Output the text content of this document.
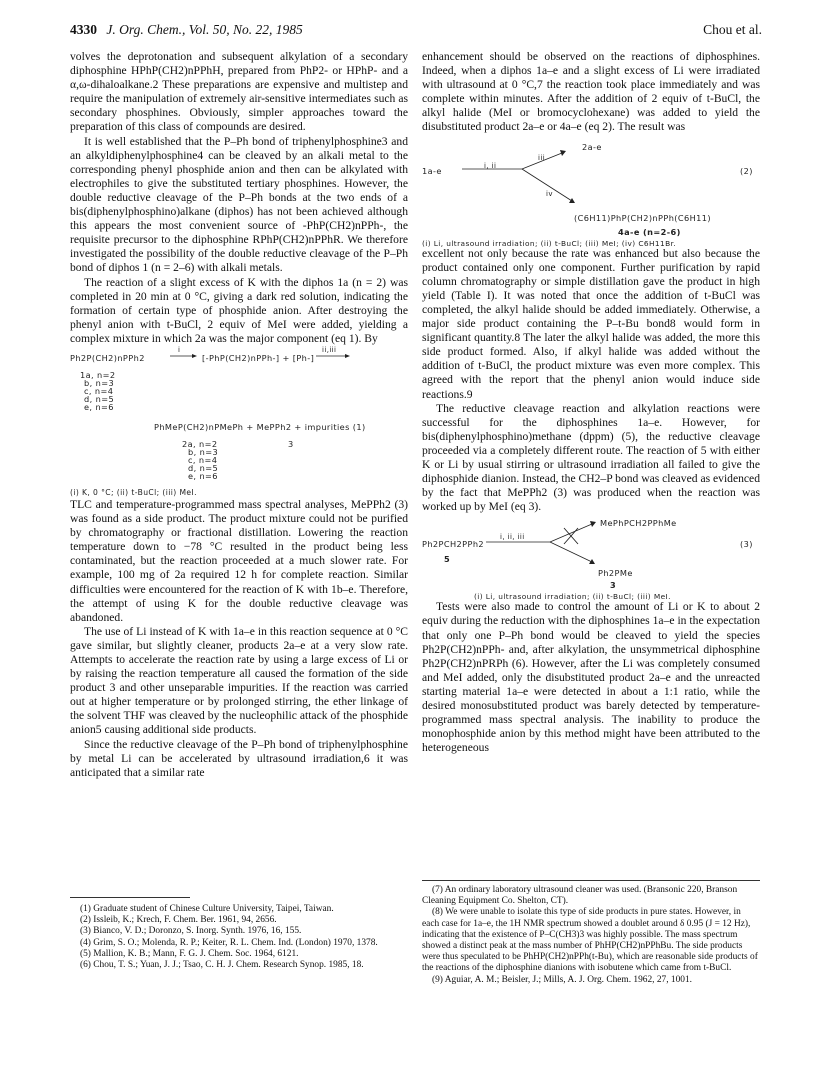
4330 J. Org. Chem., Vol. 50, No. 22, 1985	Chou et al.

volves the deprotonation and subsequent alkylation of a secondary diphosphine HPhP(CH2)nPPhH, prepared from PhP2- or HPhP- and a α,ω-dihaloalkane.2 These preparations are expensive and multistep and require the manipulation of extremely air-sensitive intermediates such as secondary phosphines. Obviously, simpler approaches toward the preparation of this class of compounds are desired.

It is well established that the P–Ph bond of triphenylphosphine3 and an alkyldiphenylphosphine4 can be cleaved by an alkali metal to the corresponding phenyl phosphide anion and then can be alkylated with electrophiles to give the substituted tertiary phosphines. However, the double reductive cleavage of the P–Ph bonds at the two ends of a bis(diphenylphosphino)alkane (diphos) has not been achieved although this appears the most convenient source of -PhP(CH2)nPPh-, the requisite precursor to the diphosphine RPhP(CH2)nPPhR. We therefore investigated the possibility of the double reductive cleavage of the P–Ph bond of diphos 1 (n = 2–6) with alkali metals.

The reaction of a slight excess of K with the diphos 1a (n = 2) was completed in 20 min at 0 °C, giving a dark red solution, indicating the formation of certain type of phosphide anion. After destroying the phenyl anion with t-BuCl, 2 equiv of MeI were added, yielding a complex mixture in which 2a was the major component (eq 1). By

Ph2P(CH2)nPPh2
i
[-PhP(CH2)nPPh-] + [Ph-]
ii,iii
1a, n=2
b, n=3
c, n=4
d, n=5
e, n=6
PhMeP(CH2)nPMePh + MePPh2 + impurities (1)
2a, n=2	3
b, n=3
c, n=4
d, n=5
e, n=6
(i) K, 0 °C; (ii) t-BuCl; (iii) MeI.

TLC and temperature-programmed mass spectral analyses, MePPh2 (3) was found as a side product. The product mixture could not be purified by chromatography or fractional distillation. Lowering the reaction temperature down to −78 °C resulted in the product being less contaminated, but the reaction proceeded at a much slower rate. For example, 100 mg of 2a required 12 h for complete reaction. Similar difficulties were encountered for the reaction of K with 1b–e. Therefore, the attempt of using K for the double reductive cleavage was abandoned.

The use of Li instead of K with 1a–e in this reaction sequence at 0 °C gave similar, but slightly cleaner, products 2a–e at a very slow rate. Attempts to accelerate the reaction rate by using a large excess of Li or by raising the reaction temperature all caused the formation of the side product 3 and other unseparable impurities. If the reaction was carried out at higher temperature or by prolonged stirring, the ether linkage of the solvent THF was cleaved by the nucleophilic attack of the phosphide anion5 causing additional side products.

Since the reductive cleavage of the P–Ph bond of triphenylphosphine by metal Li can be accelerated by ultrasound irradiation,6 it was anticipated that a similar rate

enhancement should be observed on the reactions of diphosphines. Indeed, when a diphos 1a–e and a slight excess of Li were irradiated with ultrasound at 0 °C,7 the reaction took place immediately and was complete within minutes. After the addition of 2 equiv of t-BuCl, the alkyl halide (MeI or bromocyclohexane) was added to yield the disubstituted product 2a–e or 4a–e (eq 2). The result was

2a-e
iii
1a-e	i, ii	(2)
iv
(C6H11)PhP(CH2)nPPh(C6H11)
4a-e (n=2-6)
(i) Li, ultrasound irradiation; (ii) t-BuCl; (iii) MeI; (iv) C6H11Br.

excellent not only because the rate was enhanced but also because the product contained only one component. Further purification by rapid column chromatography or simple distillation gave the product in high yield (Table I). It was noted that once the addition of t-BuCl was completed, the alkyl halide should be added immediately. Otherwise, a major side product containing the P–t-Bu bond8 would form in significant quantity.8 The later the alkyl halide was added, the more this side product formed. Also, if alkyl halide was added without the addition of t-BuCl, the product mixture was even more complex. This agreed with the report that the phenyl anion would induce side reactions.9

The reductive cleavage reaction and alkylation reactions were successful for the diphosphines 1a–e. However, for bis(diphenylphosphino)methane (dppm) (5), the reductive cleavage proceeded via a completely different route. The reaction of 5 with either K or Li by usual stirring or ultrasound irradiation all failed to give the diphosphide dianion. Instead, the CH2–P bond was cleaved as evidenced by the fact that MePPh2 (3) was produced when the reaction was worked up by MeI (eq 3).

MePhPCH2PPhMe
Ph2PCH2PPh2
i, ii, iii
(3)
5
Ph2PMe
3
(i) Li, ultrasound irradiation; (ii) t-BuCl; (iii) MeI.

Tests were also made to control the amount of Li or K to about 2 equiv during the reduction with the diphosphines 1a–e in the expectation that only one P–Ph bond would be cleaved to yield the species Ph2P(CH2)nPPh- and, after alkylation, the unsymmetrical diphosphine Ph2P(CH2)nPRPh (6). However, after the Li was completely consumed and MeI added, only the disubstituted product 2a–e and the unreacted starting material 1a–e were detected in about a 1:1 ratio, while the desired monosubstituted product was barely detected by temperature-programmed mass spectral analysis. The inability to produce the monophosphide anion by this method might have been attributed to the heterogeneous

(1) Graduate student of Chinese Culture University, Taipei, Taiwan.

(2) Issleib, K.; Krech, F. Chem. Ber. 1961, 94, 2656.

(3) Bianco, V. D.; Doronzo, S. Inorg. Synth. 1976, 16, 155.

(4) Grim, S. O.; Molenda, R. P.; Keiter, R. L. Chem. Ind. (London) 1970, 1378.

(5) Mallion, K. B.; Mann, F. G. J. Chem. Soc. 1964, 6121.

(6) Chou, T. S.; Yuan, J. J.; Tsao, C. H. J. Chem. Research Synop. 1985, 18.

(7) An ordinary laboratory ultrasound cleaner was used. (Bransonic 220, Branson Cleaning Equipment Co. Shelton, CT).

(8) We were unable to isolate this type of side products in pure states. However, in each case for 1a–e, the 1H NMR spectrum showed a doublet around δ 0.95 (J = 12 Hz), indicating that the existence of P–C(CH3)3 was highly possible. The mass spectrum showed a distinct peak at the mass number of PhHP(CH2)nPPhBu. The side products were thus speculated to be PhHP(CH2)nPPh(t-Bu), which are reasonable side products of the reactions of the diphosphine dianions with isobutene which came from t-BuCl.

(9) Aguiar, A. M.; Beisler, J.; Mills, A. J. Org. Chem. 1962, 27, 1001.
